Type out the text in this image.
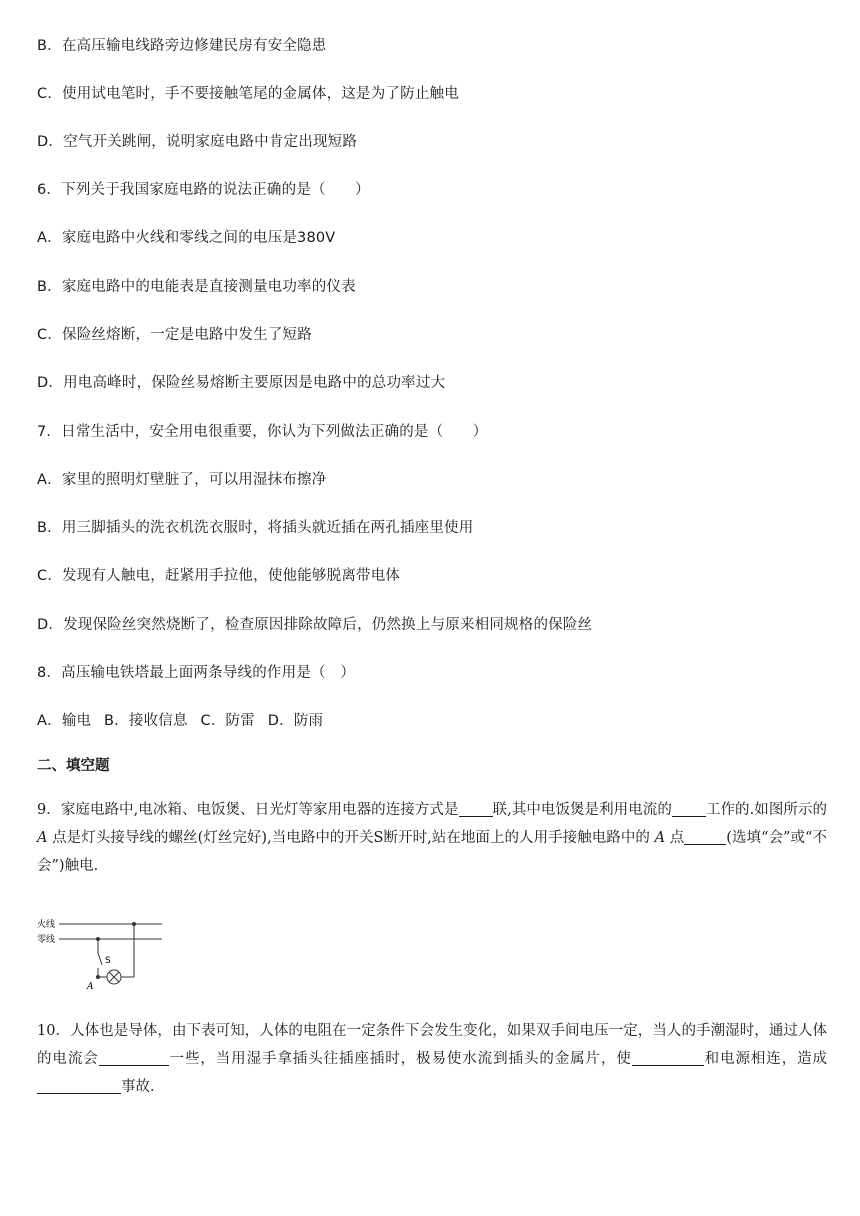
B．在高压输电线路旁边修建民房有安全隐患

C．使用试电笔时，手不要接触笔尾的金属体，这是为了防止触电

D．空气开关跳闸，说明家庭电路中肯定出现短路

6．下列关于我国家庭电路的说法正确的是（　　）

A．家庭电路中火线和零线之间的电压是380V

B．家庭电路中的电能表是直接测量电功率的仪表

C．保险丝熔断，一定是电路中发生了短路

D．用电高峰时，保险丝易熔断主要原因是电路中的总功率过大

7．日常生活中，安全用电很重要，你认为下列做法正确的是（　　）

A．家里的照明灯壁脏了，可以用湿抹布擦净

B．用三脚插头的洗衣机洗衣服时，将插头就近插在两孔插座里使用

C．发现有人触电，赶紧用手拉他，使他能够脱离带电体

D．发现保险丝突然烧断了，检查原因排除故障后，仍然换上与原来相同规格的保险丝

8．高压输电铁塔最上面两条导线的作用是（　）

A．输电 B．接收信息 C．防雷 D．防雨

二、填空题

9．家庭电路中,电冰箱、电饭煲、日光灯等家用电器的连接方式是 联,其中电饭煲是利用电流的 工作的.如图所示的 A 点是灯头接导线的螺丝(灯丝完好),当电路中的开关S断开时,站在地面上的人用手接触电路中的 A 点	(选填“会”或“不会”)触电.
火线
零线
S
A
10．人体也是导体，由下表可知，人体的电阻在一定条件下会发生变化，如果双手间电压一定，当人的手潮湿时，通过人体的电流会	一些，当用湿手拿插头往插座插时，极易使水流到插头的金属片，使	和电源相连，造成事故．
